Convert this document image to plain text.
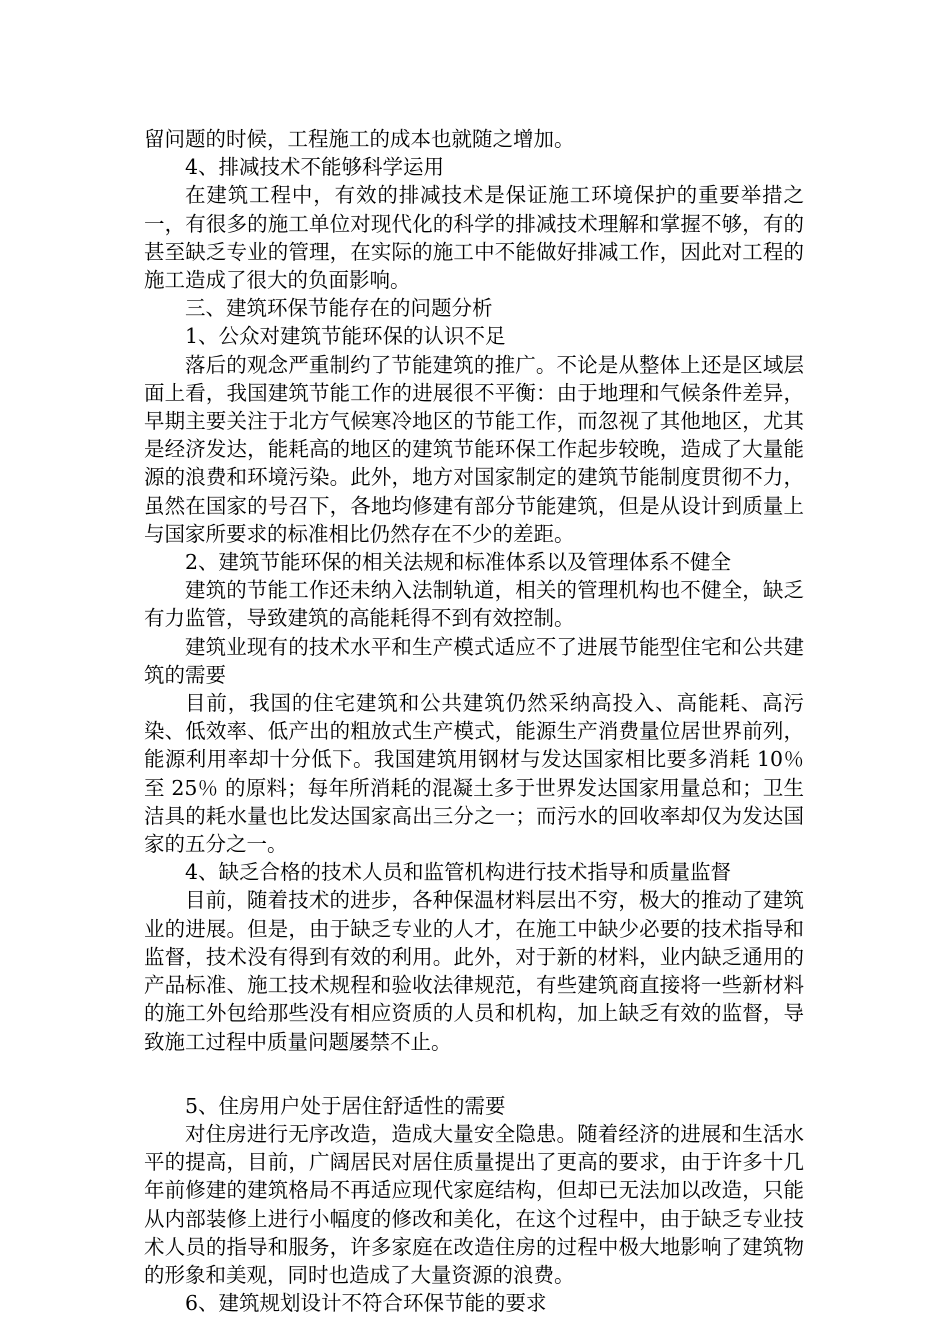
留问题的时候，工程施工的成本也就随之增加。

4、排减技术不能够科学运用

在建筑工程中，有效的排减技术是保证施工环境保护的重要举措之一，有很多的施工单位对现代化的科学的排减技术理解和掌握不够，有的甚至缺乏专业的管理，在实际的施工中不能做好排减工作，因此对工程的施工造成了很大的负面影响。

三、建筑环保节能存在的问题分析

1、公众对建筑节能环保的认识不足

落后的观念严重制约了节能建筑的推广。不论是从整体上还是区域层面上看，我国建筑节能工作的进展很不平衡：由于地理和气候条件差异，早期主要关注于北方气候寒冷地区的节能工作，而忽视了其他地区，尤其是经济发达，能耗高的地区的建筑节能环保工作起步较晚，造成了大量能源的浪费和环境污染。此外，地方对国家制定的建筑节能制度贯彻不力，虽然在国家的号召下，各地均修建有部分节能建筑，但是从设计到质量上与国家所要求的标准相比仍然存在不少的差距。

2、建筑节能环保的相关法规和标准体系以及管理体系不健全

建筑的节能工作还未纳入法制轨道，相关的管理机构也不健全，缺乏有力监管，导致建筑的高能耗得不到有效控制。

建筑业现有的技术水平和生产模式适应不了进展节能型住宅和公共建筑的需要

目前，我国的住宅建筑和公共建筑仍然采纳高投入、高能耗、高污染、低效率、低产出的粗放式生产模式，能源生产消费量位居世界前列，能源利用率却十分低下。我国建筑用钢材与发达国家相比要多消耗 10％至 25％ 的原料；每年所消耗的混凝土多于世界发达国家用量总和；卫生洁具的耗水量也比发达国家高出三分之一；而污水的回收率却仅为发达国家的五分之一。

4、缺乏合格的技术人员和监管机构进行技术指导和质量监督

目前，随着技术的进步，各种保温材料层出不穷，极大的推动了建筑业的进展。但是，由于缺乏专业的人才，在施工中缺少必要的技术指导和监督，技术没有得到有效的利用。此外，对于新的材料，业内缺乏通用的产品标准、施工技术规程和验收法律规范，有些建筑商直接将一些新材料的施工外包给那些没有相应资质的人员和机构，加上缺乏有效的监督，导致施工过程中质量问题屡禁不止。

5、住房用户处于居住舒适性的需要

对住房进行无序改造，造成大量安全隐患。随着经济的进展和生活水平的提高，目前，广阔居民对居住质量提出了更高的要求，由于许多十几年前修建的建筑格局不再适应现代家庭结构，但却已无法加以改造，只能从内部装修上进行小幅度的修改和美化，在这个过程中，由于缺乏专业技术人员的指导和服务，许多家庭在改造住房的过程中极大地影响了建筑物的形象和美观，同时也造成了大量资源的浪费。

6、建筑规划设计不符合环保节能的要求
